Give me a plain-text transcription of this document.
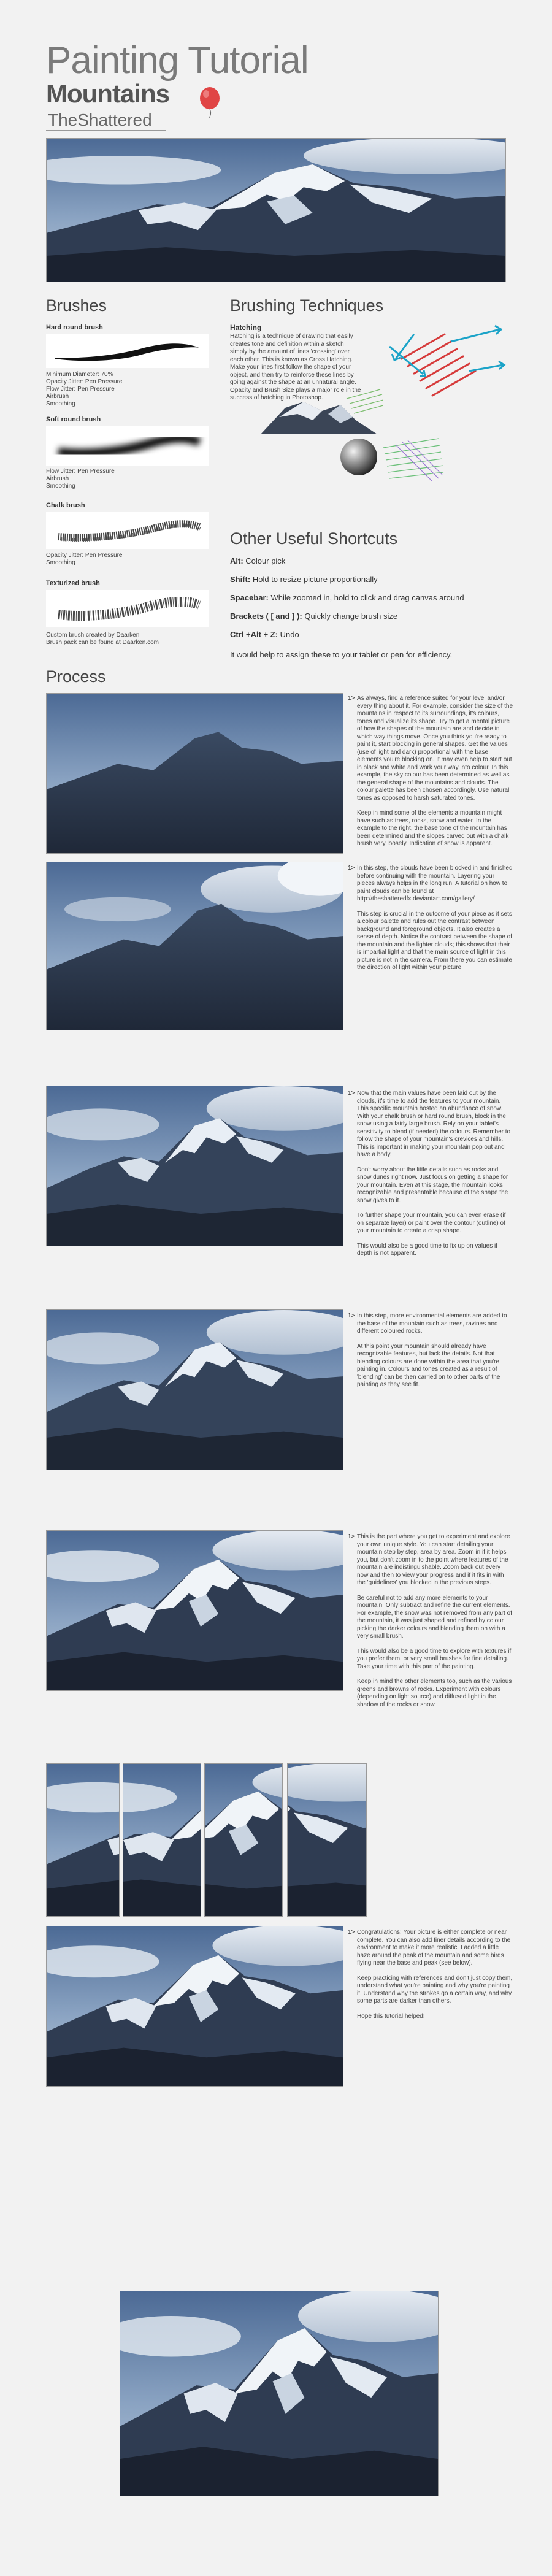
Painting Tutorial
Mountains
TheShattered
Brushes
Hard round brush
Minimum Diameter: 70%
Opacity Jitter: Pen Pressure
Flow Jitter: Pen Pressure
Airbrush
Smoothing
Soft round brush
Flow Jitter: Pen Pressure
Airbrush
Smoothing
Chalk brush
Opacity Jitter: Pen Pressure
Smoothing
Texturized brush
Custom brush created by Daarken
Brush pack can be found at Daarken.com
Brushing Techniques
Hatching
Hatching is a technique of drawing that easily
creates tone and definition within a sketch
simply by the amount of lines 'crossing' over
each other. This is known as Cross Hatching.
Make your lines first follow the shape of your
object, and then try to reinforce these lines by
going against the shape at an unnatural angle.
Opacity and Brush Size plays a major role in the
success of hatching in Photoshop.
Other Useful Shortcuts
Alt: Colour pick
Shift: Hold to resize picture proportionally
Spacebar: While zoomed in, hold to click and drag canvas around
Brackets ( [ and ] ): Quickly change brush size
Ctrl +Alt + Z: Undo
It would help to assign these to your tablet or pen for efficiency.
Process
1> As always, find a reference suited for your level and/or every thing about it. For example, consider the size of the mountains in respect to its surroundings, it's colours, tones and visualize its shape. Try to get a mental picture of how the shapes of the mountain are and decide in which way things move. Once you think you're ready to paint it, start blocking in general shapes. Get the values (use of light and dark) proportional with the base elements you're blocking on. It may even help to start out in black and white and work your way into colour. In this example, the sky colour has been determined as well as the general shape of the mountains and clouds. The colour palette has been chosen accordingly. Use natural tones as opposed to harsh saturated tones.

Keep in mind some of the elements a mountain might have such as trees, rocks, snow and water. In the example to the right, the base tone of the mountain has been determined and the slopes carved out with a chalk brush very loosely. Indication of snow is apparent.

1> In this step, the clouds have been blocked in and finished before continuing with the mountain. Layering your pieces always helps in the long run. A tutorial on how to paint clouds can be found at http://theshatteredfx.deviantart.com/gallery/

This step is crucial in the outcome of your piece as it sets a colour palette and rules out the contrast between background and foreground objects. It also creates a sense of depth. Notice the contrast between the shape of the mountain and the lighter clouds; this shows that their is impartial light and that the main source of light in this picture is not in the camera. From there you can estimate the direction of light within your picture.

1> Now that the main values have been laid out by the clouds, it's time to add the features to your mountain. This specific mountain hosted an abundance of snow. With your chalk brush or hard round brush, block in the snow using a fairly large brush. Rely on your tablet's sensitivity to blend (if needed) the colours. Remember to follow the shape of your mountain's crevices and hills. This is important in making your mountain pop out and have a body.

Don't worry about the little details such as rocks and snow dunes right now. Just focus on getting a shape for your mountain. Even at this stage, the mountain looks recognizable and presentable because of the shape the snow gives to it.

To further shape your mountain, you can even erase (if on separate layer) or paint over the contour (outline) of your mountain to create a crisp shape.

This would also be a good time to fix up on values if depth is not apparent.

1> In this step, more environmental elements are added to the base of the mountain such as trees, ravines and different coloured rocks.

At this point your mountain should already have recognizable features, but lack the details. Not that blending colours are done within the area that you're painting in. Colours and tones created as a result of 'blending' can be then carried on to other parts of the painting as they see fit.

1> This is the part where you get to experiment and explore your own unique style. You can start detailing your mountain step by step, area by area. Zoom in if it helps you, but don't zoom in to the point where features of the mountain are indistinguishable. Zoom back out every now and then to view your progress and if it fits in with the 'guidelines' you blocked in the previous steps.

Be careful not to add any more elements to your mountain. Only subtract and refine the current elements. For example, the snow was not removed from any part of the mountain, it was just shaped and refined by colour picking the darker colours and blending them on with a very small brush.

This would also be a good time to explore with textures if you prefer them, or very small brushes for fine detailing. Take your time with this part of the painting.

Keep in mind the other elements too, such as the various greens and browns of rocks. Experiment with colours (depending on light source) and diffused light in the shadow of the rocks or snow.

1> Congratulations! Your picture is either complete or near complete. You can also add finer details according to the environment to make it more realistic. I added a little haze around the peak of the mountain and some birds flying near the base and peak (see below).

Keep practicing with references and don't just copy them, understand what you're painting and why you're painting it. Understand why the strokes go a certain way, and why some parts are darker than others.

Hope this tutorial helped!
